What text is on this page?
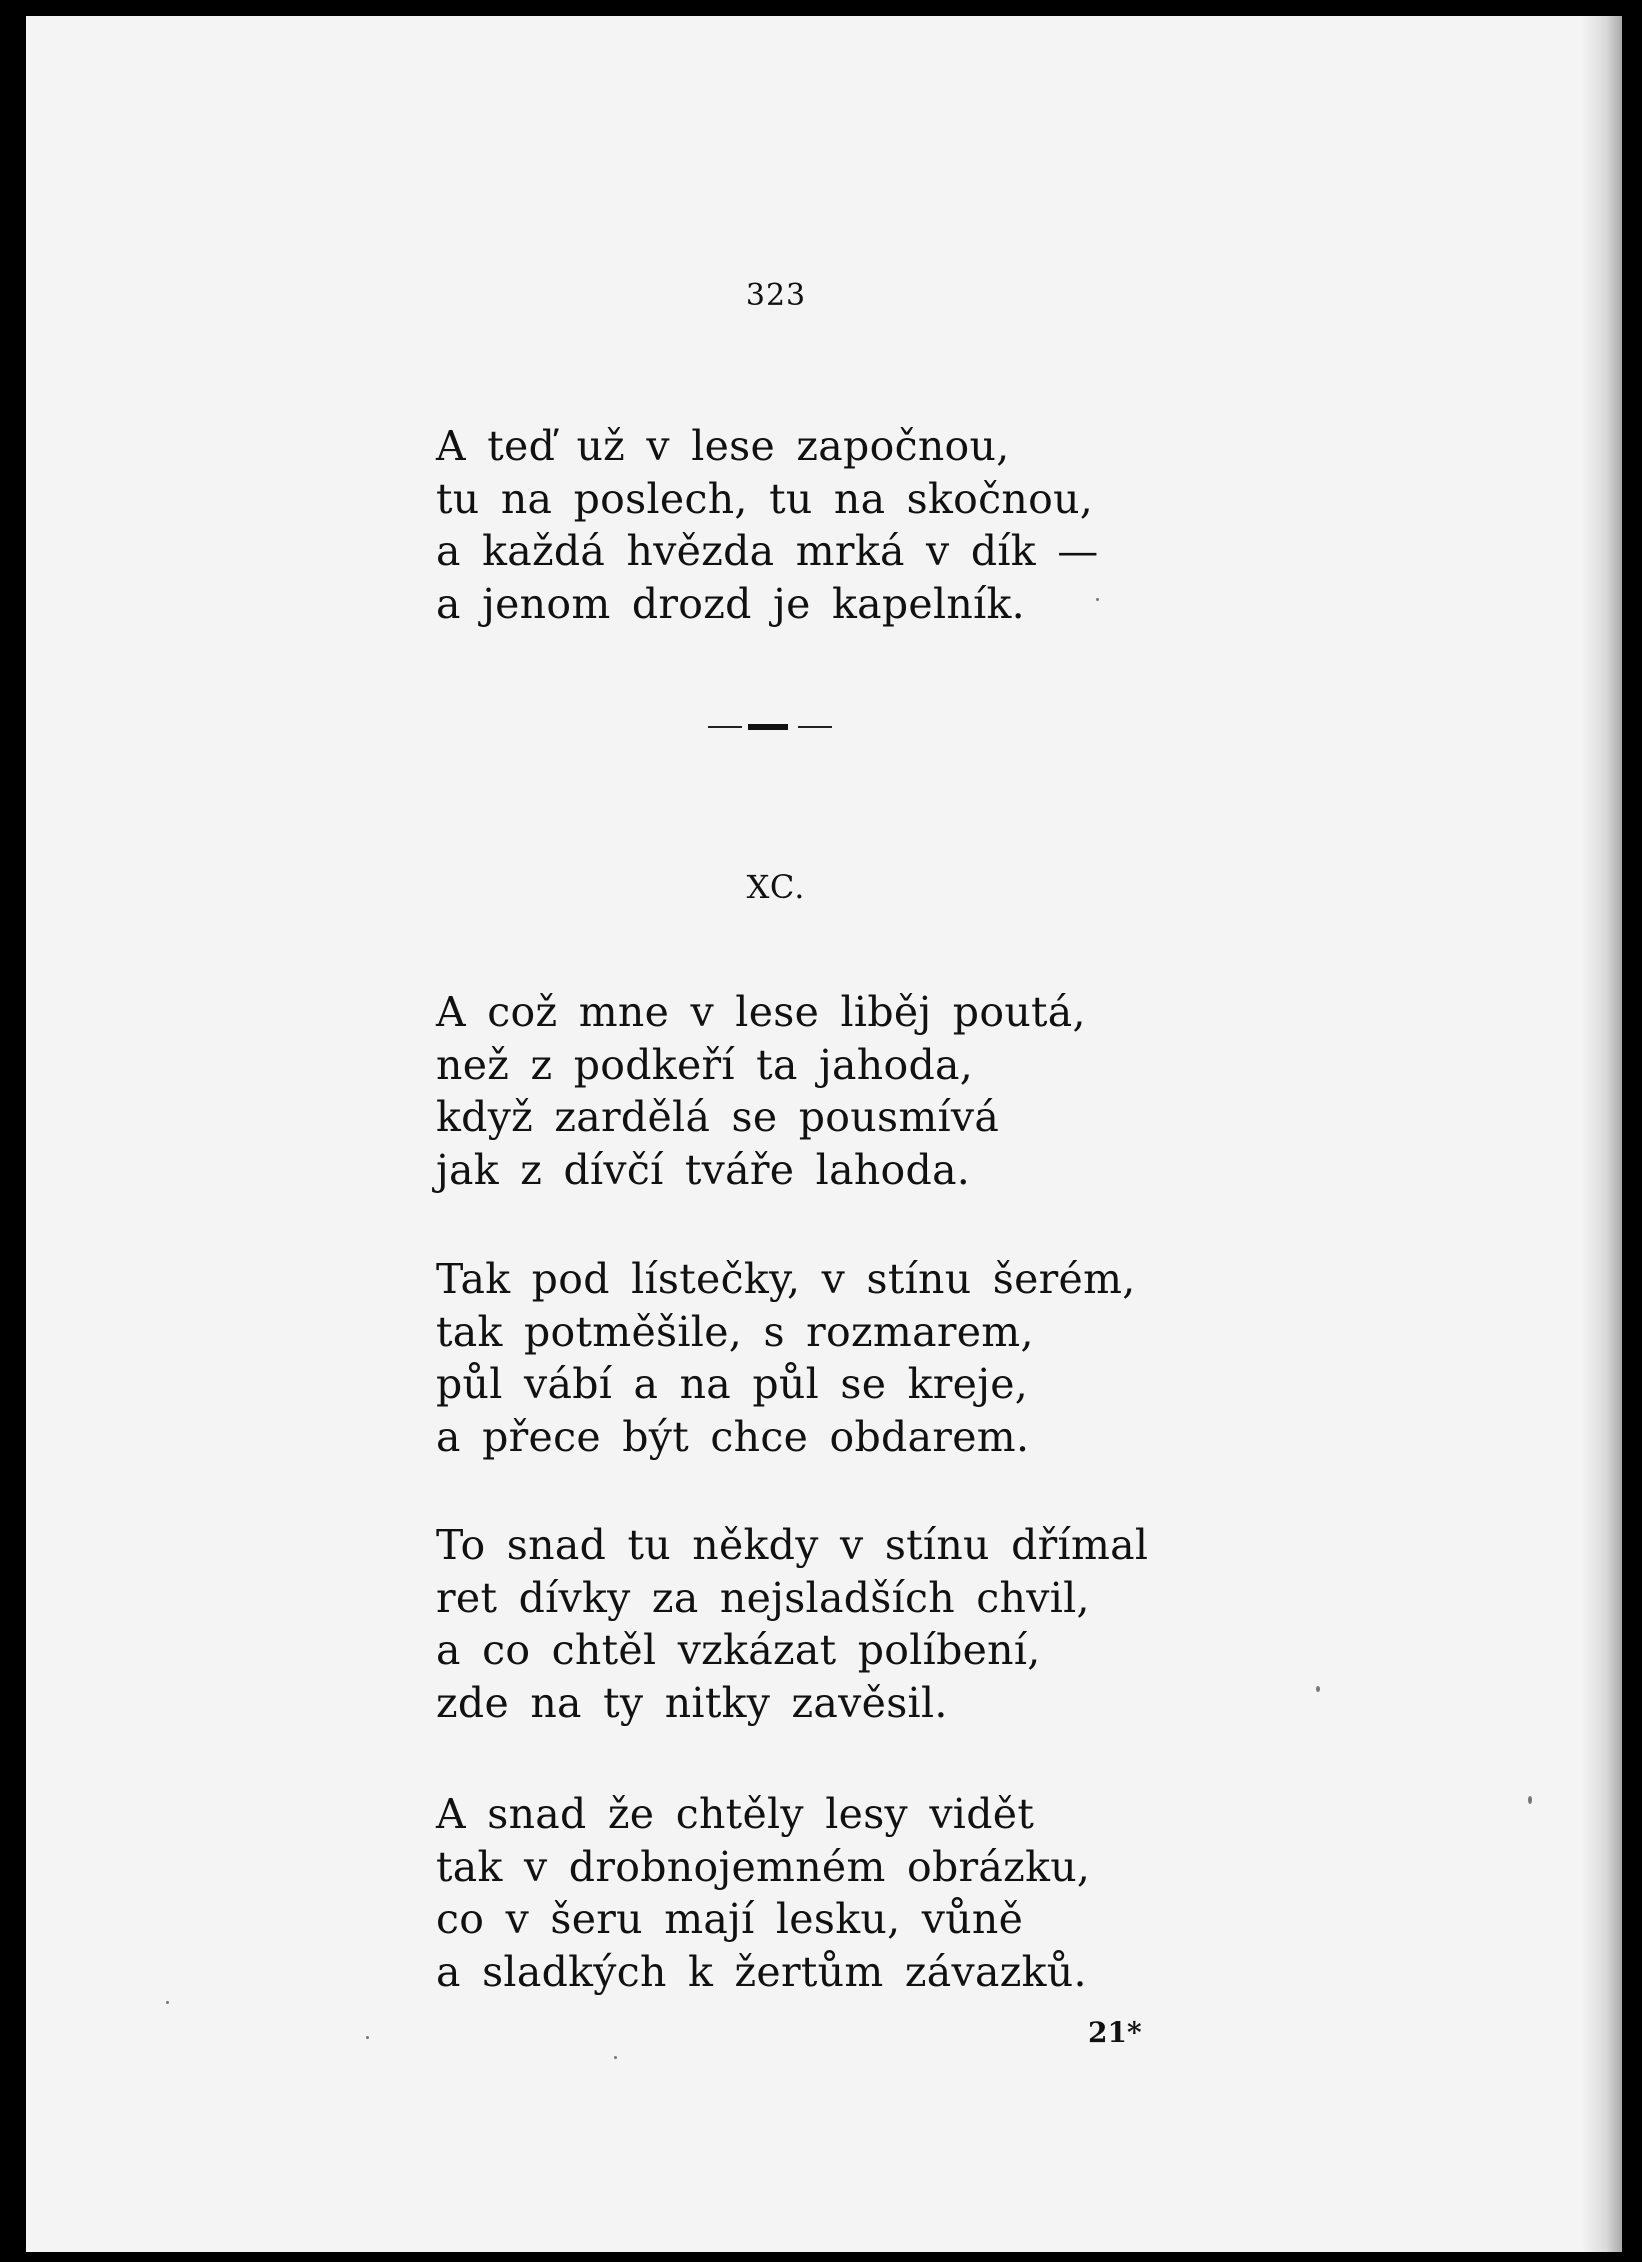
323
A teď už v lese započnou,
tu na poslech, tu na skočnou,
a každá hvězda mrká v dík —
a jenom drozd je kapelník.
XC.
A což mne v lese liběj poutá,
než z podkeří ta jahoda,
když zardělá se pousmívá
jak z dívčí tváře lahoda.
Tak pod lístečky, v stínu šerém,
tak potměšile, s rozmarem,
půl vábí a na půl se kreje,
a přece být chce obdarem.
To snad tu někdy v stínu dřímal
ret dívky za nejsladších chvil,
a co chtěl vzkázat políbení,
zde na ty nitky zavěsil.
A snad že chtěly lesy vidět
tak v drobnojemném obrázku,
co v šeru mají lesku, vůně
a sladkých k žertům závazků.
21*
